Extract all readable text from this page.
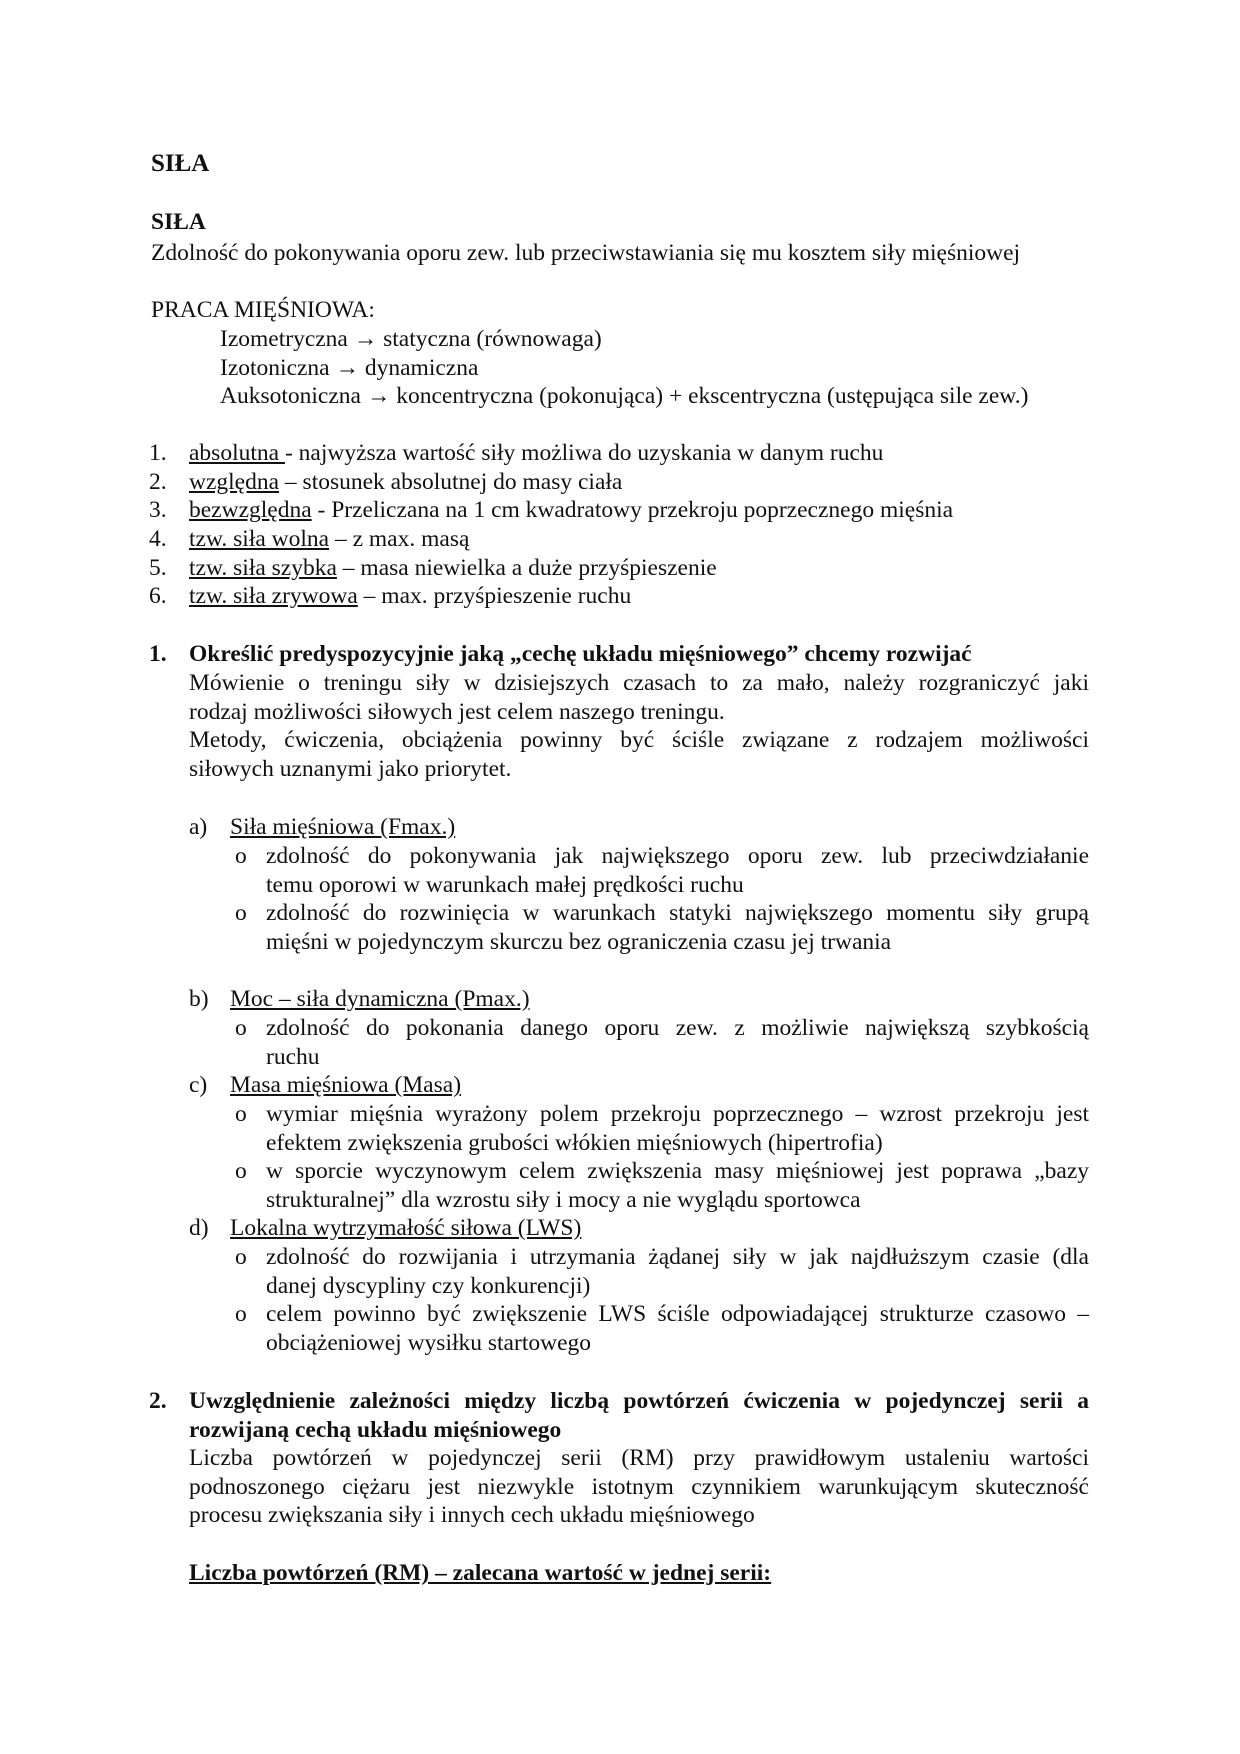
SIŁA
SIŁA
Zdolność do pokonywania oporu zew. lub przeciwstawiania się mu kosztem siły mięśniowej
PRACA MIĘŚNIOWA:
Izometryczna → statyczna (równowaga)
Izotoniczna → dynamiczna
Auksotoniczna → koncentryczna (pokonująca) + ekscentryczna (ustępująca sile zew.)
1. absolutna - najwyższa wartość siły możliwa do uzyskania w danym ruchu
2. względna – stosunek absolutnej do masy ciała
3. bezwzględna - Przeliczana na 1 cm kwadratowy przekroju poprzecznego mięśnia
4. tzw. siła wolna – z max. masą
5. tzw. siła szybka – masa niewielka a duże przyśpieszenie
6. tzw. siła zrywowa – max. przyśpieszenie ruchu
1. Określić predyspozycyjnie jaką „cechę układu mięśniowego” chcemy rozwijać
Mówienie o treningu siły w dzisiejszych czasach to za mało, należy rozgraniczyć jaki
rodzaj możliwości siłowych jest celem naszego treningu.
Metody, ćwiczenia, obciążenia powinny być ściśle związane z rodzajem możliwości
siłowych uznanymi jako priorytet.
a) Siła mięśniowa (Fmax.)
o
o
zdolność do pokonywania jak największego oporu zew. lub przeciwdziałanie
temu oporowi w warunkach małej prędkości ruchu
zdolność do rozwinięcia w warunkach statyki największego momentu siły grupą
mięśni w pojedynczym skurczu bez ograniczenia czasu jej trwania
b) Moc – siła dynamiczna (Pmax.)
o zdolność do pokonania danego oporu zew. z możliwie największą szybkością
ruchu
c) Masa mięśniowa (Masa)
o
o
wymiar mięśnia wyrażony polem przekroju poprzecznego – wzrost przekroju jest
efektem zwiększenia grubości włókien mięśniowych (hipertrofia)
w sporcie wyczynowym celem zwiększenia masy mięśniowej jest poprawa „bazy
strukturalnej” dla wzrostu siły i mocy a nie wyglądu sportowca
d) Lokalna wytrzymałość siłowa (LWS)
o
o
zdolność do rozwijania i utrzymania żądanej siły w jak najdłuższym czasie (dla
danej dyscypliny czy konkurencji)
celem powinno być zwiększenie LWS ściśle odpowiadającej strukturze czasowo –
obciążeniowej wysiłku startowego
2. Uwzględnienie zależności między liczbą powtórzeń ćwiczenia w pojedynczej serii a
rozwijaną cechą układu mięśniowego
Liczba powtórzeń w pojedynczej serii (RM) przy prawidłowym ustaleniu wartości
podnoszonego ciężaru jest niezwykle istotnym czynnikiem warunkującym skuteczność
procesu zwiększania siły i innych cech układu mięśniowego
Liczba powtórzeń (RM) – zalecana wartość w jednej serii:
